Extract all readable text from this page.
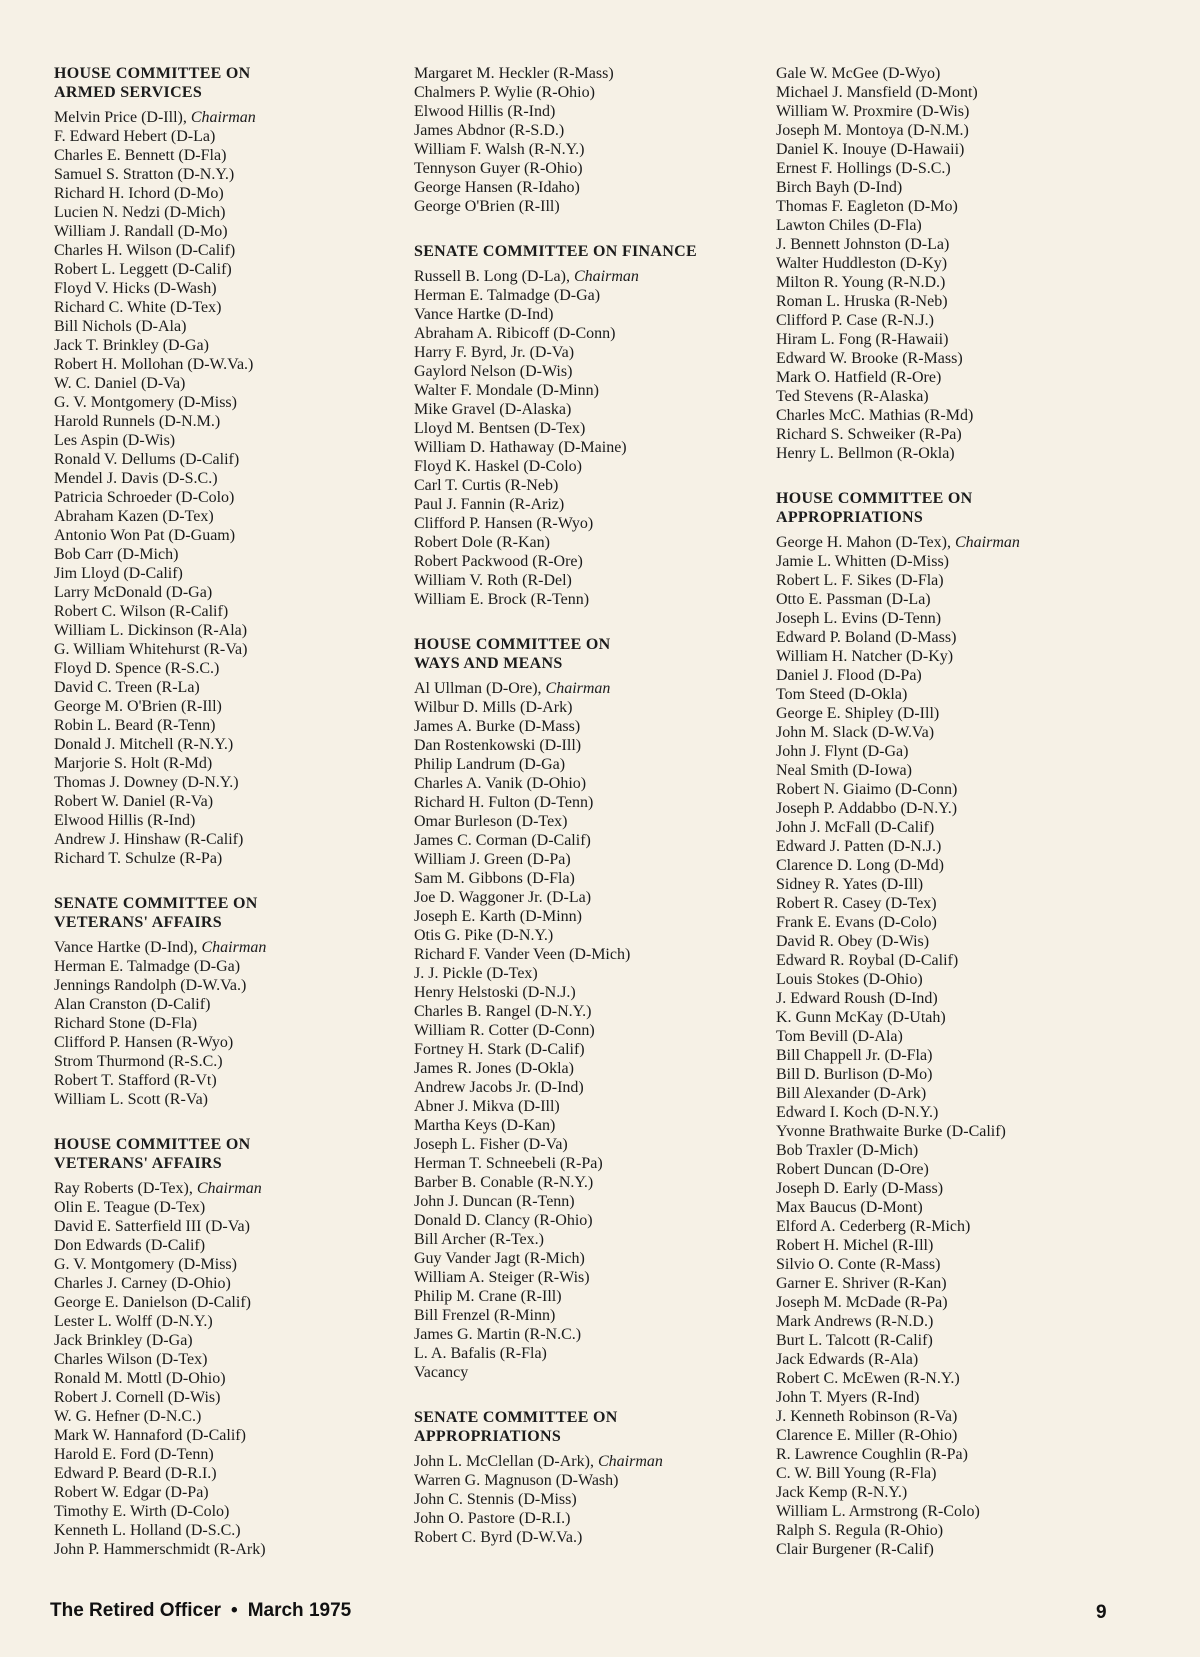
HOUSE COMMITTEE ON
ARMED SERVICES
Melvin Price (D-Ill), Chairman
F. Edward Hebert (D-La)
Charles E. Bennett (D-Fla)
Samuel S. Stratton (D-N.Y.)
Richard H. Ichord (D-Mo)
Lucien N. Nedzi (D-Mich)
William J. Randall (D-Mo)
Charles H. Wilson (D-Calif)
Robert L. Leggett (D-Calif)
Floyd V. Hicks (D-Wash)
Richard C. White (D-Tex)
Bill Nichols (D-Ala)
Jack T. Brinkley (D-Ga)
Robert H. Mollohan (D-W.Va.)
W. C. Daniel (D-Va)
G. V. Montgomery (D-Miss)
Harold Runnels (D-N.M.)
Les Aspin (D-Wis)
Ronald V. Dellums (D-Calif)
Mendel J. Davis (D-S.C.)
Patricia Schroeder (D-Colo)
Abraham Kazen (D-Tex)
Antonio Won Pat (D-Guam)
Bob Carr (D-Mich)
Jim Lloyd (D-Calif)
Larry McDonald (D-Ga)
Robert C. Wilson (R-Calif)
William L. Dickinson (R-Ala)
G. William Whitehurst (R-Va)
Floyd D. Spence (R-S.C.)
David C. Treen (R-La)
George M. O'Brien (R-Ill)
Robin L. Beard (R-Tenn)
Donald J. Mitchell (R-N.Y.)
Marjorie S. Holt (R-Md)
Thomas J. Downey (D-N.Y.)
Robert W. Daniel (R-Va)
Elwood Hillis (R-Ind)
Andrew J. Hinshaw (R-Calif)
Richard T. Schulze (R-Pa)
SENATE COMMITTEE ON
VETERANS' AFFAIRS
Vance Hartke (D-Ind), Chairman
Herman E. Talmadge (D-Ga)
Jennings Randolph (D-W.Va.)
Alan Cranston (D-Calif)
Richard Stone (D-Fla)
Clifford P. Hansen (R-Wyo)
Strom Thurmond (R-S.C.)
Robert T. Stafford (R-Vt)
William L. Scott (R-Va)
HOUSE COMMITTEE ON
VETERANS' AFFAIRS
Ray Roberts (D-Tex), Chairman
Olin E. Teague (D-Tex)
David E. Satterfield III (D-Va)
Don Edwards (D-Calif)
G. V. Montgomery (D-Miss)
Charles J. Carney (D-Ohio)
George E. Danielson (D-Calif)
Lester L. Wolff (D-N.Y.)
Jack Brinkley (D-Ga)
Charles Wilson (D-Tex)
Ronald M. Mottl (D-Ohio)
Robert J. Cornell (D-Wis)
W. G. Hefner (D-N.C.)
Mark W. Hannaford (D-Calif)
Harold E. Ford (D-Tenn)
Edward P. Beard (D-R.I.)
Robert W. Edgar (D-Pa)
Timothy E. Wirth (D-Colo)
Kenneth L. Holland (D-S.C.)
John P. Hammerschmidt (R-Ark)
Margaret M. Heckler (R-Mass)
Chalmers P. Wylie (R-Ohio)
Elwood Hillis (R-Ind)
James Abdnor (R-S.D.)
William F. Walsh (R-N.Y.)
Tennyson Guyer (R-Ohio)
George Hansen (R-Idaho)
George O'Brien (R-Ill)
SENATE COMMITTEE ON FINANCE
Russell B. Long (D-La), Chairman
Herman E. Talmadge (D-Ga)
Vance Hartke (D-Ind)
Abraham A. Ribicoff (D-Conn)
Harry F. Byrd, Jr. (D-Va)
Gaylord Nelson (D-Wis)
Walter F. Mondale (D-Minn)
Mike Gravel (D-Alaska)
Lloyd M. Bentsen (D-Tex)
William D. Hathaway (D-Maine)
Floyd K. Haskel (D-Colo)
Carl T. Curtis (R-Neb)
Paul J. Fannin (R-Ariz)
Clifford P. Hansen (R-Wyo)
Robert Dole (R-Kan)
Robert Packwood (R-Ore)
William V. Roth (R-Del)
William E. Brock (R-Tenn)
HOUSE COMMITTEE ON
WAYS AND MEANS
Al Ullman (D-Ore), Chairman
Wilbur D. Mills (D-Ark)
James A. Burke (D-Mass)
Dan Rostenkowski (D-Ill)
Philip Landrum (D-Ga)
Charles A. Vanik (D-Ohio)
Richard H. Fulton (D-Tenn)
Omar Burleson (D-Tex)
James C. Corman (D-Calif)
William J. Green (D-Pa)
Sam M. Gibbons (D-Fla)
Joe D. Waggoner Jr. (D-La)
Joseph E. Karth (D-Minn)
Otis G. Pike (D-N.Y.)
Richard F. Vander Veen (D-Mich)
J. J. Pickle (D-Tex)
Henry Helstoski (D-N.J.)
Charles B. Rangel (D-N.Y.)
William R. Cotter (D-Conn)
Fortney H. Stark (D-Calif)
James R. Jones (D-Okla)
Andrew Jacobs Jr. (D-Ind)
Abner J. Mikva (D-Ill)
Martha Keys (D-Kan)
Joseph L. Fisher (D-Va)
Herman T. Schneebeli (R-Pa)
Barber B. Conable (R-N.Y.)
John J. Duncan (R-Tenn)
Donald D. Clancy (R-Ohio)
Bill Archer (R-Tex.)
Guy Vander Jagt (R-Mich)
William A. Steiger (R-Wis)
Philip M. Crane (R-Ill)
Bill Frenzel (R-Minn)
James G. Martin (R-N.C.)
L. A. Bafalis (R-Fla)
Vacancy
SENATE COMMITTEE ON
APPROPRIATIONS
John L. McClellan (D-Ark), Chairman
Warren G. Magnuson (D-Wash)
John C. Stennis (D-Miss)
John O. Pastore (D-R.I.)
Robert C. Byrd (D-W.Va.)
Gale W. McGee (D-Wyo)
Michael J. Mansfield (D-Mont)
William W. Proxmire (D-Wis)
Joseph M. Montoya (D-N.M.)
Daniel K. Inouye (D-Hawaii)
Ernest F. Hollings (D-S.C.)
Birch Bayh (D-Ind)
Thomas F. Eagleton (D-Mo)
Lawton Chiles (D-Fla)
J. Bennett Johnston (D-La)
Walter Huddleston (D-Ky)
Milton R. Young (R-N.D.)
Roman L. Hruska (R-Neb)
Clifford P. Case (R-N.J.)
Hiram L. Fong (R-Hawaii)
Edward W. Brooke (R-Mass)
Mark O. Hatfield (R-Ore)
Ted Stevens (R-Alaska)
Charles McC. Mathias (R-Md)
Richard S. Schweiker (R-Pa)
Henry L. Bellmon (R-Okla)
HOUSE COMMITTEE ON
APPROPRIATIONS
George H. Mahon (D-Tex), Chairman
Jamie L. Whitten (D-Miss)
Robert L. F. Sikes (D-Fla)
Otto E. Passman (D-La)
Joseph L. Evins (D-Tenn)
Edward P. Boland (D-Mass)
William H. Natcher (D-Ky)
Daniel J. Flood (D-Pa)
Tom Steed (D-Okla)
George E. Shipley (D-Ill)
John M. Slack (D-W.Va)
John J. Flynt (D-Ga)
Neal Smith (D-Iowa)
Robert N. Giaimo (D-Conn)
Joseph P. Addabbo (D-N.Y.)
John J. McFall (D-Calif)
Edward J. Patten (D-N.J.)
Clarence D. Long (D-Md)
Sidney R. Yates (D-Ill)
Robert R. Casey (D-Tex)
Frank E. Evans (D-Colo)
David R. Obey (D-Wis)
Edward R. Roybal (D-Calif)
Louis Stokes (D-Ohio)
J. Edward Roush (D-Ind)
K. Gunn McKay (D-Utah)
Tom Bevill (D-Ala)
Bill Chappell Jr. (D-Fla)
Bill D. Burlison (D-Mo)
Bill Alexander (D-Ark)
Edward I. Koch (D-N.Y.)
Yvonne Brathwaite Burke (D-Calif)
Bob Traxler (D-Mich)
Robert Duncan (D-Ore)
Joseph D. Early (D-Mass)
Max Baucus (D-Mont)
Elford A. Cederberg (R-Mich)
Robert H. Michel (R-Ill)
Silvio O. Conte (R-Mass)
Garner E. Shriver (R-Kan)
Joseph M. McDade (R-Pa)
Mark Andrews (R-N.D.)
Burt L. Talcott (R-Calif)
Jack Edwards (R-Ala)
Robert C. McEwen (R-N.Y.)
John T. Myers (R-Ind)
J. Kenneth Robinson (R-Va)
Clarence E. Miller (R-Ohio)
R. Lawrence Coughlin (R-Pa)
C. W. Bill Young (R-Fla)
Jack Kemp (R-N.Y.)
William L. Armstrong (R-Colo)
Ralph S. Regula (R-Ohio)
Clair Burgener (R-Calif)
The Retired Officer • March 1975	9
